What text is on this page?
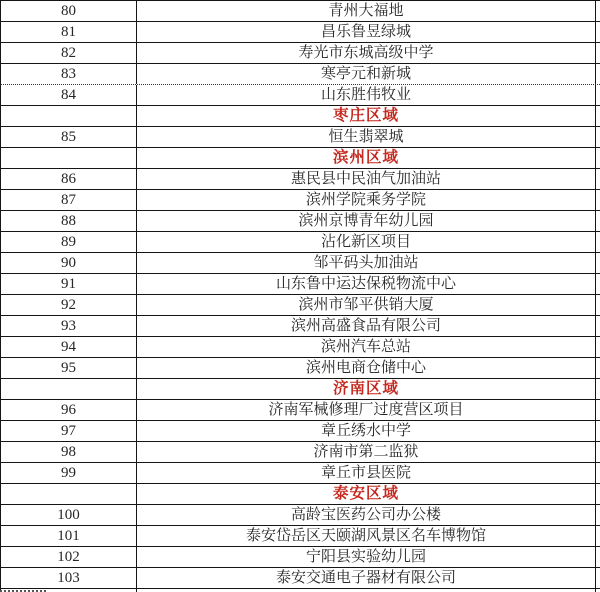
80	青州大福地
81	昌乐鲁昱绿城
82	寿光市东城高级中学
83	寒亭元和新城
84	山东胜伟牧业
枣庄区域
85	恒生翡翠城
滨州区域
86	惠民县中民油气加油站
87	滨州学院乘务学院
88	滨州京博青年幼儿园
89	沾化新区项目
90	邹平码头加油站
91	山东鲁中运达保税物流中心
92	滨州市邹平供销大厦
93	滨州高盛食品有限公司
94	滨州汽车总站
95	滨州电商仓储中心
济南区域
96	济南军械修理厂过度营区项目
97	章丘绣水中学
98	济南市第二监狱
99	章丘市县医院
泰安区域
100	高龄宝医药公司办公楼
101	泰安岱岳区天颐湖风景区名车博物馆
102	宁阳县实验幼儿园
103	泰安交通电子器材有限公司
